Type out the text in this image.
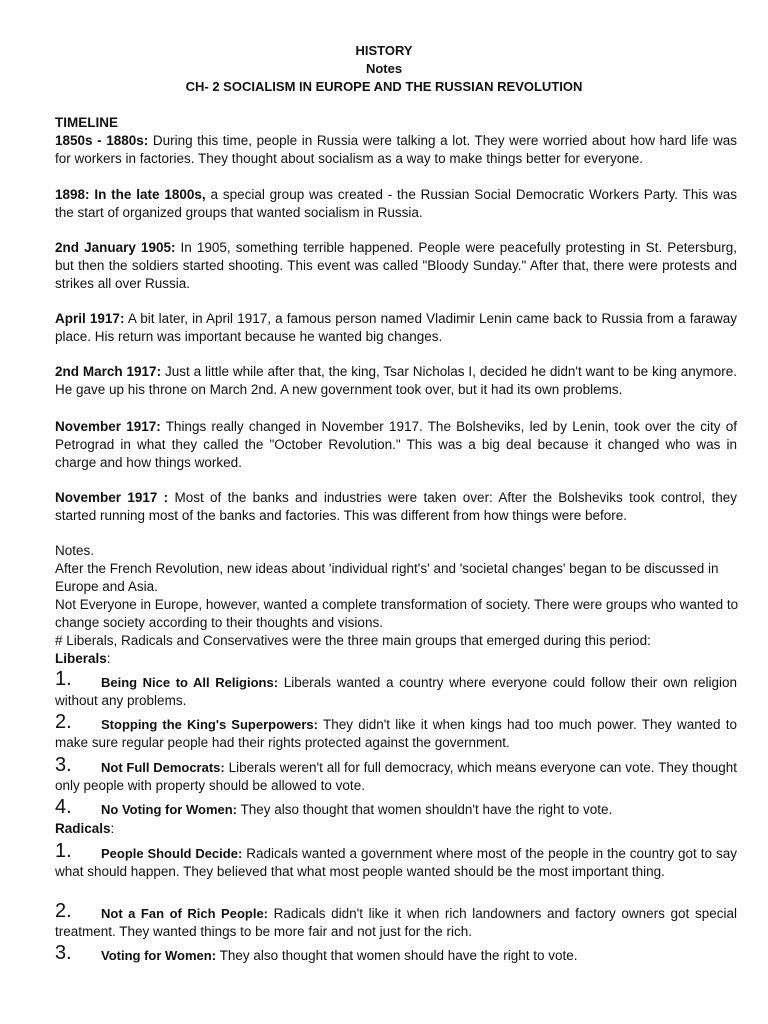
HISTORY
Notes
CH- 2 SOCIALISM IN EUROPE AND THE RUSSIAN REVOLUTION
TIMELINE
1850s - 1880s: During this time, people in Russia were talking a lot. They were worried about how hard life was for workers in factories. They thought about socialism as a way to make things better for everyone.
1898: In the late 1800s, a special group was created - the Russian Social Democratic Workers Party. This was the start of organized groups that wanted socialism in Russia.
2nd January 1905: In 1905, something terrible happened. People were peacefully protesting in St. Petersburg, but then the soldiers started shooting. This event was called "Bloody Sunday." After that, there were protests and strikes all over Russia.
April 1917: A bit later, in April 1917, a famous person named Vladimir Lenin came back to Russia from a faraway place. His return was important because he wanted big changes.
2nd March 1917: Just a little while after that, the king, Tsar Nicholas I, decided he didn't want to be king anymore. He gave up his throne on March 2nd. A new government took over, but it had its own problems.
November 1917: Things really changed in November 1917. The Bolsheviks, led by Lenin, took over the city of Petrograd in what they called the "October Revolution." This was a big deal because it changed who was in charge and how things worked.
November 1917 : Most of the banks and industries were taken over: After the Bolsheviks took control, they started running most of the banks and factories. This was different from how things were before.
Notes.
After the French Revolution, new ideas about 'individual right's' and 'societal changes' began to be discussed in Europe and Asia.
Not Everyone in Europe, however, wanted a complete transformation of society. There were groups who wanted to change society according to their thoughts and visions.
# Liberals, Radicals and Conservatives were the three main groups that emerged during this period:
Liberals:
1.	Being Nice to All Religions: Liberals wanted a country where everyone could follow their own religion without any problems.
2.	Stopping the King's Superpowers: They didn't like it when kings had too much power. They wanted to make sure regular people had their rights protected against the government.
3.	Not Full Democrats: Liberals weren't all for full democracy, which means everyone can vote. They thought only people with property should be allowed to vote.
4.	No Voting for Women: They also thought that women shouldn't have the right to vote.
Radicals:
1.	People Should Decide: Radicals wanted a government where most of the people in the country got to say what should happen. They believed that what most people wanted should be the most important thing.
2.	Not a Fan of Rich People: Radicals didn't like it when rich landowners and factory owners got special treatment. They wanted things to be more fair and not just for the rich.
3.	Voting for Women: They also thought that women should have the right to vote.
